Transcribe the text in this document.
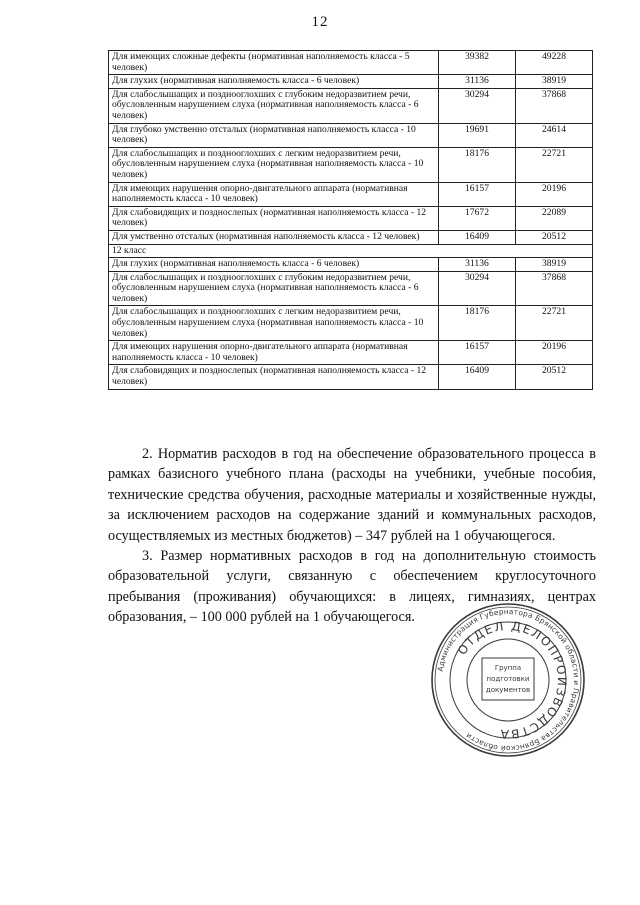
12
Для имеющих сложные дефекты (нормативная наполняемость класса - 5 человек)	39382	49228
Для глухих (нормативная наполняемость класса - 6 человек)	31136	38919
Для слабослышащих и позднооглохших с глубоким недоразвитием речи, обусловленным нарушением слуха (нормативная наполняемость класса - 6 человек)	30294	37868
Для глубоко умственно отсталых (нормативная наполняемость класса - 10 человек)	19691	24614
Для слабослышащих и позднооглохших с легким недоразвитием речи, обусловленным нарушением слуха (нормативная наполняемость класса - 10 человек)	18176	22721
Для имеющих нарушения опорно-двигательного аппарата (нормативная наполняемость класса - 10 человек)	16157	20196
Для слабовидящих и позднослепых (нормативная наполняемость класса - 12 человек)	17672	22089
Для умственно отсталых (нормативная наполняемость класса - 12 человек)	16409	20512
12 класс		
Для глухих (нормативная наполняемость класса - 6 человек)	31136	38919
Для слабослышащих и позднооглохших с глубоким недоразвитием речи, обусловленным нарушением слуха (нормативная наполняемость класса - 6 человек)	30294	37868
Для слабослышащих и позднооглохших с легким недоразвитием речи, обусловленным нарушением слуха (нормативная наполняемость класса - 10 человек)	18176	22721
Для имеющих нарушения опорно-двигательного аппарата (нормативная наполняемость класса - 10 человек)	16157	20196
Для слабовидящих и позднослепых (нормативная наполняемость класса - 12 человек)	16409	20512

2. Норматив расходов в год на обеспечение образовательного процесса в рамках базисного учебного плана (расходы на учебники, учебные пособия, технические средства обучения, расходные материалы и хозяйственные нужды, за исключением расходов на содержание зданий и коммунальных расходов, осуществляемых из местных бюджетов) – 347 рублей на 1 обучающегося.

3. Размер нормативных расходов в год на дополнительную стоимость образовательной услуги, связанную с обеспечением круглосуточного пребывания (проживания) обучающихся: в лицеях, гимназиях, центрах образования, – 100 000 рублей на 1 обучающегося.

Администрация Губернатора Брянской области и Правительства Брянской области
ОТДЕЛ ДЕЛОПРОИЗВОДСТВА
Группа
подготовки
документов
